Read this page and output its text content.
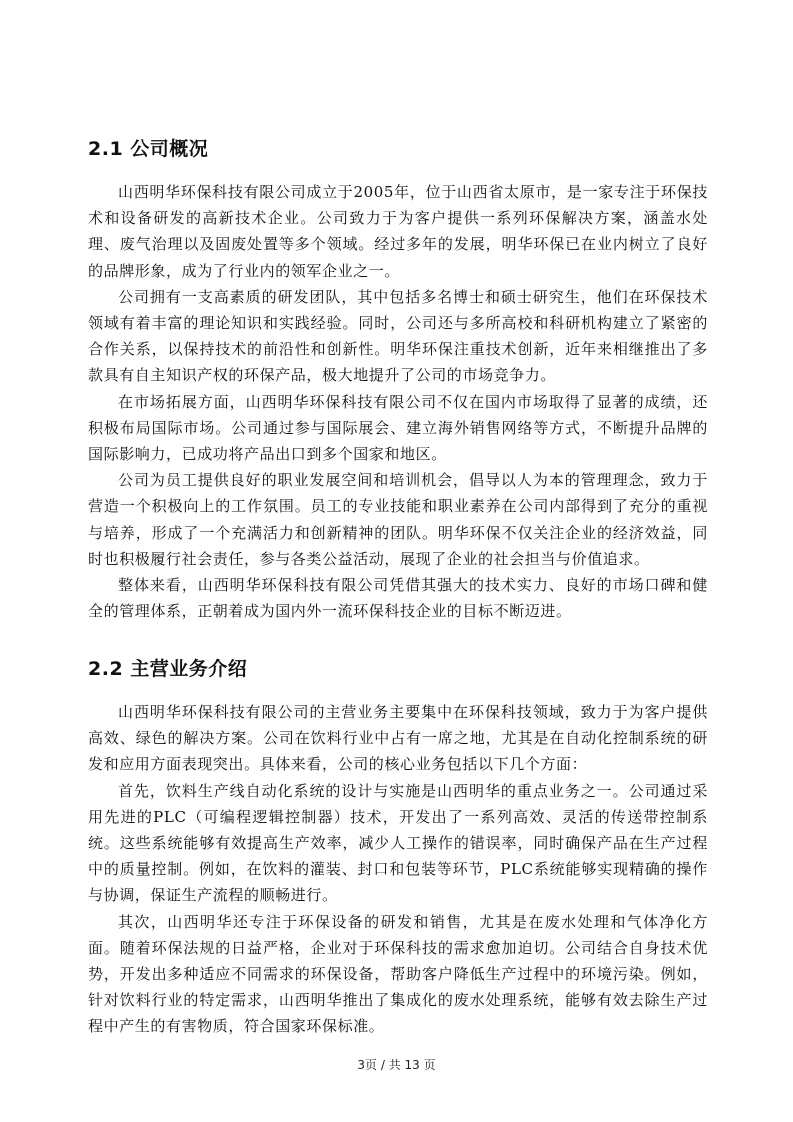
2.1 公司概况

山西明华环保科技有限公司成立于2005年，位于山西省太原市，是一家专注于环保技术和设备研发的高新技术企业。公司致力于为客户提供一系列环保解决方案，涵盖水处理、废气治理以及固废处置等多个领域。经过多年的发展，明华环保已在业内树立了良好的品牌形象，成为了行业内的领军企业之一。

公司拥有一支高素质的研发团队，其中包括多名博士和硕士研究生，他们在环保技术领域有着丰富的理论知识和实践经验。同时，公司还与多所高校和科研机构建立了紧密的合作关系，以保持技术的前沿性和创新性。明华环保注重技术创新，近年来相继推出了多款具有自主知识产权的环保产品，极大地提升了公司的市场竞争力。

在市场拓展方面，山西明华环保科技有限公司不仅在国内市场取得了显著的成绩，还积极布局国际市场。公司通过参与国际展会、建立海外销售网络等方式，不断提升品牌的国际影响力，已成功将产品出口到多个国家和地区。

公司为员工提供良好的职业发展空间和培训机会，倡导以人为本的管理理念，致力于营造一个积极向上的工作氛围。员工的专业技能和职业素养在公司内部得到了充分的重视与培养，形成了一个充满活力和创新精神的团队。明华环保不仅关注企业的经济效益，同时也积极履行社会责任，参与各类公益活动，展现了企业的社会担当与价值追求。

整体来看，山西明华环保科技有限公司凭借其强大的技术实力、良好的市场口碑和健全的管理体系，正朝着成为国内外一流环保科技企业的目标不断迈进。

2.2 主营业务介绍

山西明华环保科技有限公司的主营业务主要集中在环保科技领域，致力于为客户提供高效、绿色的解决方案。公司在饮料行业中占有一席之地，尤其是在自动化控制系统的研发和应用方面表现突出。具体来看，公司的核心业务包括以下几个方面：

首先，饮料生产线自动化系统的设计与实施是山西明华的重点业务之一。公司通过采用先进的PLC（可编程逻辑控制器）技术，开发出了一系列高效、灵活的传送带控制系统。这些系统能够有效提高生产效率，减少人工操作的错误率，同时确保产品在生产过程中的质量控制。例如，在饮料的灌装、封口和包装等环节，PLC系统能够实现精确的操作与协调，保证生产流程的顺畅进行。

其次，山西明华还专注于环保设备的研发和销售，尤其是在废水处理和气体净化方面。随着环保法规的日益严格，企业对于环保科技的需求愈加迫切。公司结合自身技术优势，开发出多种适应不同需求的环保设备，帮助客户降低生产过程中的环境污染。例如，针对饮料行业的特定需求，山西明华推出了集成化的废水处理系统，能够有效去除生产过程中产生的有害物质，符合国家环保标准。

3页 / 共 13 页
